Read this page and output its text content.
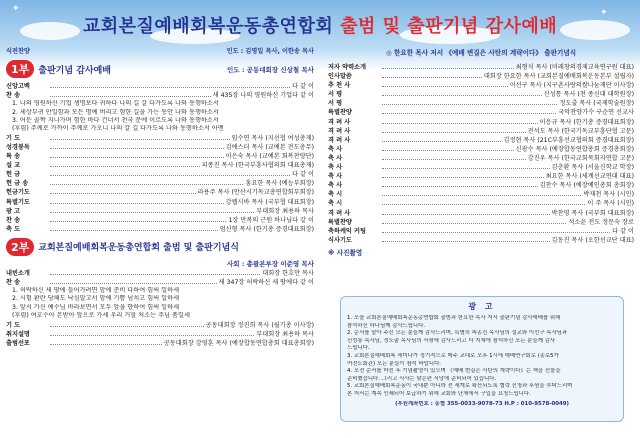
✦	✦
교회본질예배회복운동총연합회 출범 및 출판기념 감사예배
식전찬양	인도 : 김영일 목사, 이한송 목사
1부	출판기념 감사예배	인도 : 공동대회장 신상철 목사
신앙고백	다 같 이
찬 송	새 435장 나의 영원하신 기업 다 같 이
1. 나의 영원하신 기업 생명보다 귀하다 나의 길 갈 다가도록 나와 동행하소서
2. 세상부귀 안일함과 모든 명예 버리고 험한 길을 가는 동안 나와 동행하소서
3. 어둔 골짝 지나가며 험한 바다 건너서 천국 문에 이르도록 나와 동행하소서
(후렴) 주께로 가까이 주께로 가오니 나의 갈 길 다가도록 나와 동행하소서 아멘
기 도	임수연 목사 (지선협 여성총재)
성경봉독	김에스더 목사 (교예본 전도총무)
특 송	이은숙 목사 (교예본 회복찬양단)
설 교	피종진 목사 (한국부흥사협의회 대표총재)
헌 금	다 같 이
헌 금 송	홍요한 목사 (예능부회장)
헌금기도	라용주 목사 (안산시기독교총연합회부회장)
특별기도	강웹시바 목사 (국부협 대표회장)
광 고	부대회장 최용하 목사
찬 송	1장 만복의 근원 하나님 다 같 이
축 도	엄신형 목사 (한기총 증경대표회장)
2부	교회본질예배회복운동총연합회 출범 및 출판기념식
사회 : 총괄본부장 이준영 목사
내빈소개	대회장 한호만 목사
찬 송	새 347장 허락하신 새 땅에 다 같 이
1. 허락하신 새 땅에 들어가려면 맘에 준비 다하여 힘써 일하세
2. 시험 환란 당해도 낙심말고서 맘에 기쁨 넘치고 힘써 일하세
3. 앞서 가신 예수님 바라보면서 모두 앞을 향하여 힘써 일하세
(후렴) 여호수아 본받아 앞으로 가세 우리 거할 처소는 주님 품일세
기 도	공동대회장 정진희 목사 (월기총 이사장)
취지설명	부대회장 최용하 목사
출범선포	공동대회장 강영훈 목사 (예장합동연합총회 대표총회장)
◎ 한요한 목사 저서 《예배 변질은 사탄의 계략이다》 출판기념식
저자 약력소개	최형식 목사 (미래창의경제교육연구원 대표)
인사말씀	대회장 한요한 목사 (교회본질예배회복운동본부 설립자)
추 천 사	이선구 목사 (지구촌사랑의쌀나눔재단 이사장)
서 평	신성통 목사 (천 종신대 대학원장)
서 평	정도출 목사 (국제학술원장)
특별찬양	국악찬양가수 구순연 선교사
격 려 사	이응규 목사 (한기총 증경대표회장)
격 려 사	전석도 목사 (한국기독교부흥단협 고문)
격 려 사	김정현 목사 (21C부흥선교협의회 증경대표회장)
축 사	신광수 목사 (예장합동연합총회 증경총회장)
축 사	강진우 목사 (한국교회목회자연합 고문)
축 사	김춘환 목사 (서울신학교 학장)
축 사	최요한 목사 (세계선교연대 대표)
축 사	김찬수 목사 (예장예인총회 총회장)
축 시	박재천 목사 (시인)
축 시	이 주 목사 (시인)
격 려 사	박찬영 목사 (국부회 대표회장)
특별찬양	석소윤 전도 정문숙 장로
축하케익 커팅	다 같 이
식사기도	김동진 목사 (오한선교단 대표)
※ 사진촬영
광 고
1. 오늘 교회본질예배회복운동총연합회 출범과 한요한 목사 저서 출판기념 감사예배를 위해
참석하신 하나님께 감사드립니다.
2. 순서를 맡아 주신 모든 분들께 감사드리며, 특별히 피종진 목사님의 설교와 이선구 목사님과
신성통 목사님, 정도출 목사님의 서평에 감사드리고 더 지체에 참석하신 모든 분들께 감사
드립니다.
3. 교회본질예배회복 세미나가 정기적으로 매주 교대로 오후 1시에 예배연구회로 (종로5가
여전도회관) 모든 분들이 참석 바랍니다.
4. 오전 순서를 마친 후 기념촬영이 있으며 《예배 변질은 사탄의 계략이다》는 책을 선물을
준비했습니다. 그리고 식사는 맞은편 식당에 준비되어 있습니다.
5. 교회본질예배회복운동이 국내뿐 아니라 전 세계로 확산되도록 협력 신청과 후원을 부탁드리며
본 저서는 계속 인쇄되어 보급하기 위해 교회와 단체에서 구입을 요청드립니다.
(후원계좌번호 : 농협 355-0033-9078-73 H.P : 010-9578-0049)
